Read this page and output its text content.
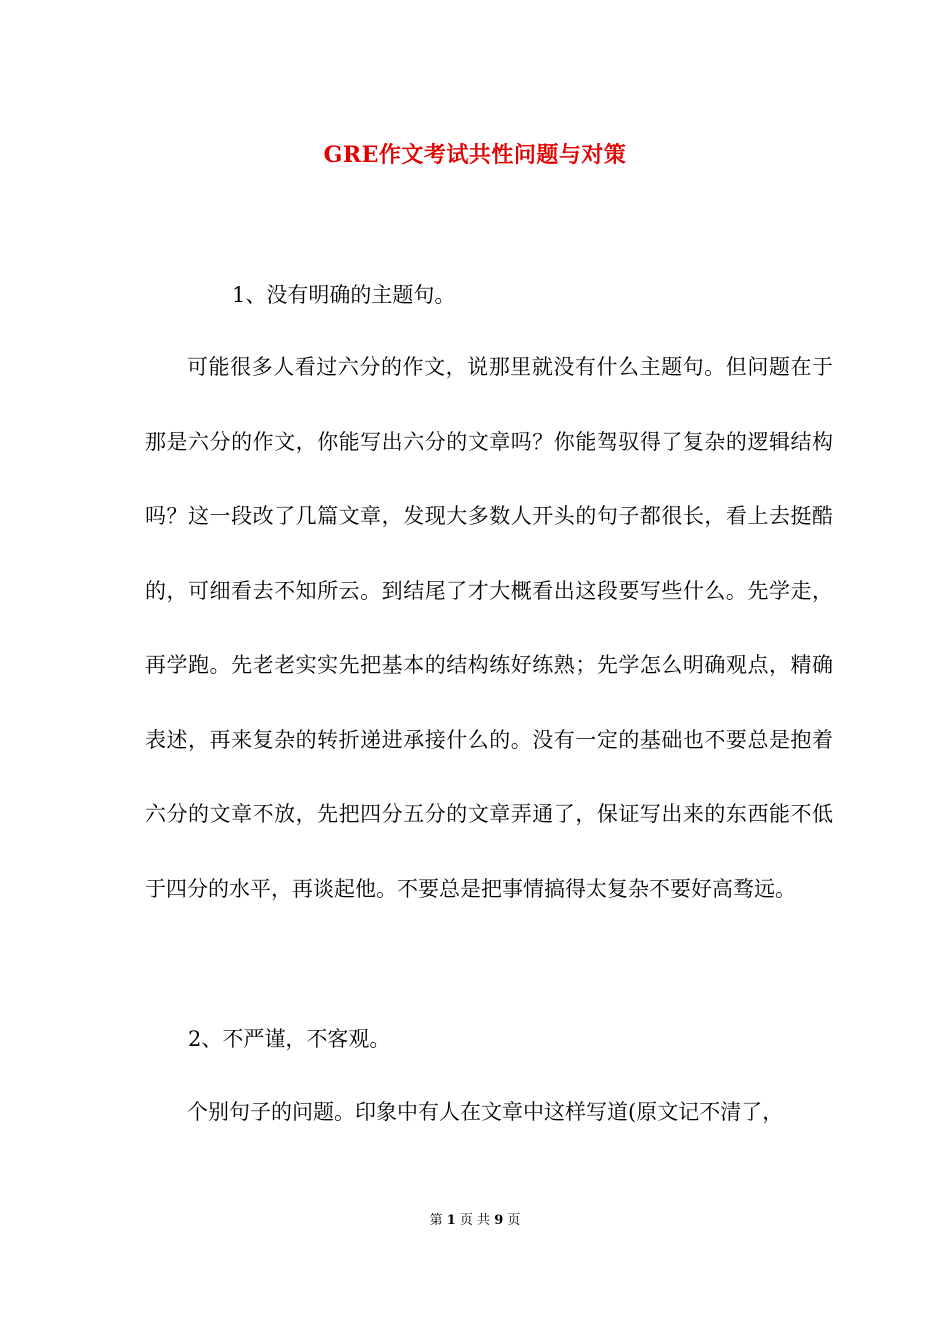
GRE作文考试共性问题与对策
1、没有明确的主题句。

可能很多人看过六分的作文，说那里就没有什么主题句。但问题在于那是六分的作文，你能写出六分的文章吗？你能驾驭得了复杂的逻辑结构吗？这一段改了几篇文章，发现大多数人开头的句子都很长，看上去挺酷的，可细看去不知所云。到结尾了才大概看出这段要写些什么。先学走，再学跑。先老老实实先把基本的结构练好练熟；先学怎么明确观点，精确表述，再来复杂的转折递进承接什么的。没有一定的基础也不要总是抱着六分的文章不放，先把四分五分的文章弄通了，保证写出来的东西能不低于四分的水平，再谈起他。不要总是把事情搞得太复杂不要好高骛远。

2、不严谨，不客观。

个别句子的问题。印象中有人在文章中这样写道(原文记不清了，

第 1 页 共 9 页
